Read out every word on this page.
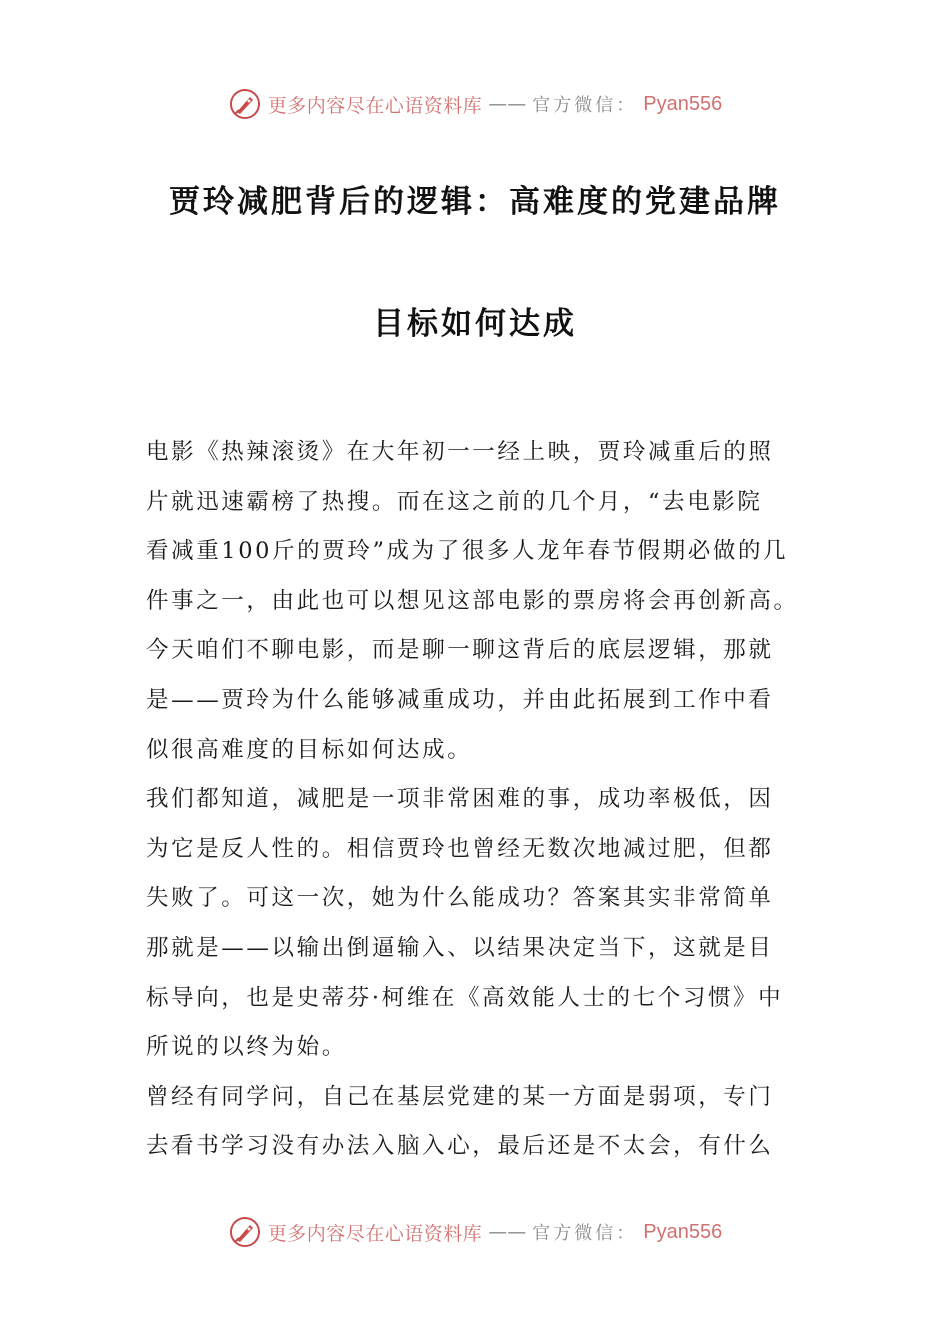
更多内容尽在心语资料库 —— 官方微信： Pyan556
贾玲减肥背后的逻辑：高难度的党建品牌
目标如何达成

电影《热辣滚烫》在大年初一一经上映，贾玲减重后的照

片就迅速霸榜了热搜。而在这之前的几个月，“去电影院

看减重100斤的贾玲”成为了很多人龙年春节假期必做的几

件事之一，由此也可以想见这部电影的票房将会再创新高。

今天咱们不聊电影，而是聊一聊这背后的底层逻辑，那就

是——贾玲为什么能够减重成功，并由此拓展到工作中看

似很高难度的目标如何达成。

我们都知道，减肥是一项非常困难的事，成功率极低，因

为它是反人性的。相信贾玲也曾经无数次地减过肥，但都

失败了。可这一次，她为什么能成功？答案其实非常简单

那就是——以输出倒逼输入、以结果决定当下，这就是目

标导向，也是史蒂芬·柯维在《高效能人士的七个习惯》中

所说的以终为始。

曾经有同学问，自己在基层党建的某一方面是弱项，专门

去看书学习没有办法入脑入心，最后还是不太会，有什么

更多内容尽在心语资料库 —— 官方微信： Pyan556
